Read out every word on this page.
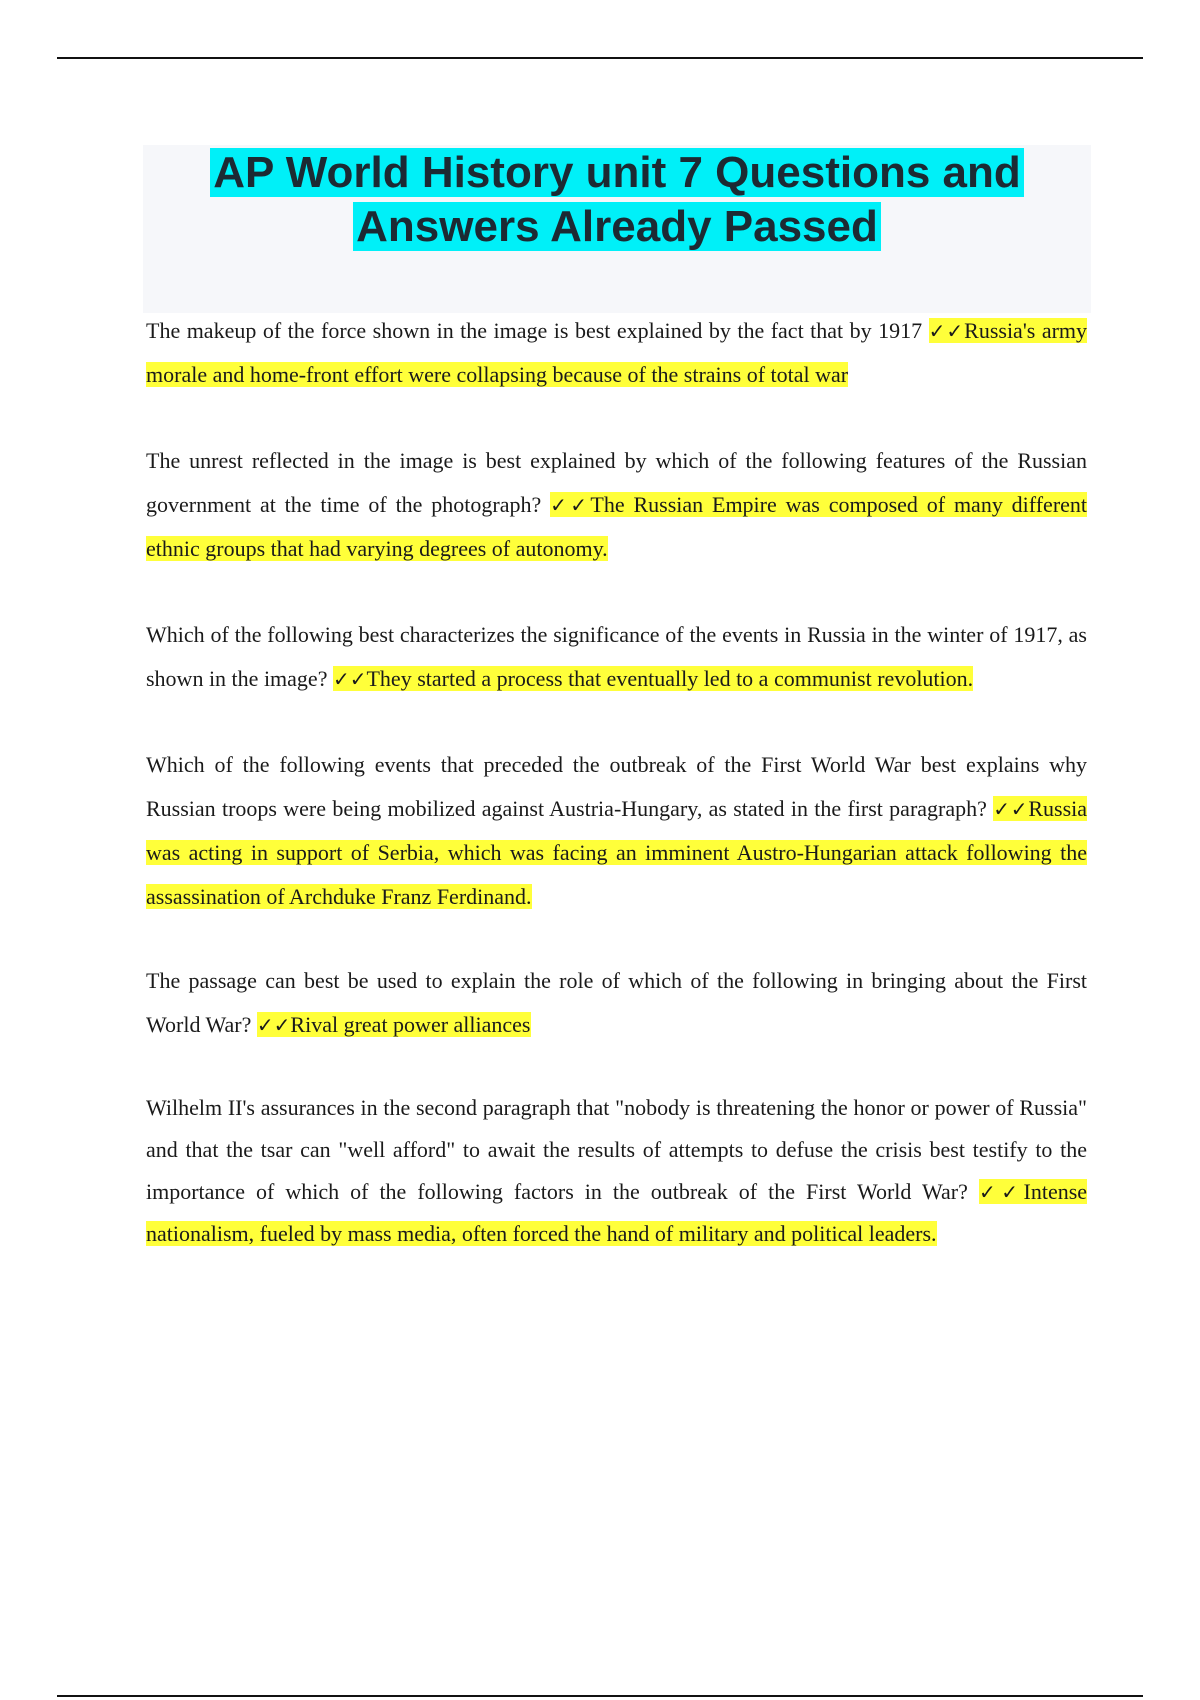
AP World History unit 7 Questions and
Answers Already Passed

The makeup of the force shown in the image is best explained by the fact that by 1917 ✓✓Russia's army morale and home-front effort were collapsing because of the strains of total war

The unrest reflected in the image is best explained by which of the following features of the Russian government at the time of the photograph? ✓✓The Russian Empire was composed of many different ethnic groups that had varying degrees of autonomy.

Which of the following best characterizes the significance of the events in Russia in the winter of 1917, as shown in the image? ✓✓They started a process that eventually led to a communist revolution.

Which of the following events that preceded the outbreak of the First World War best explains why Russian troops were being mobilized against Austria-Hungary, as stated in the first paragraph? ✓✓Russia was acting in support of Serbia, which was facing an imminent Austro-Hungarian attack following the assassination of Archduke Franz Ferdinand.

The passage can best be used to explain the role of which of the following in bringing about the First World War? ✓✓Rival great power alliances

Wilhelm II's assurances in the second paragraph that "nobody is threatening the honor or power of Russia" and that the tsar can "well afford" to await the results of attempts to defuse the crisis best testify to the importance of which of the following factors in the outbreak of the First World War? ✓✓Intense nationalism, fueled by mass media, often forced the hand of military and political leaders.
